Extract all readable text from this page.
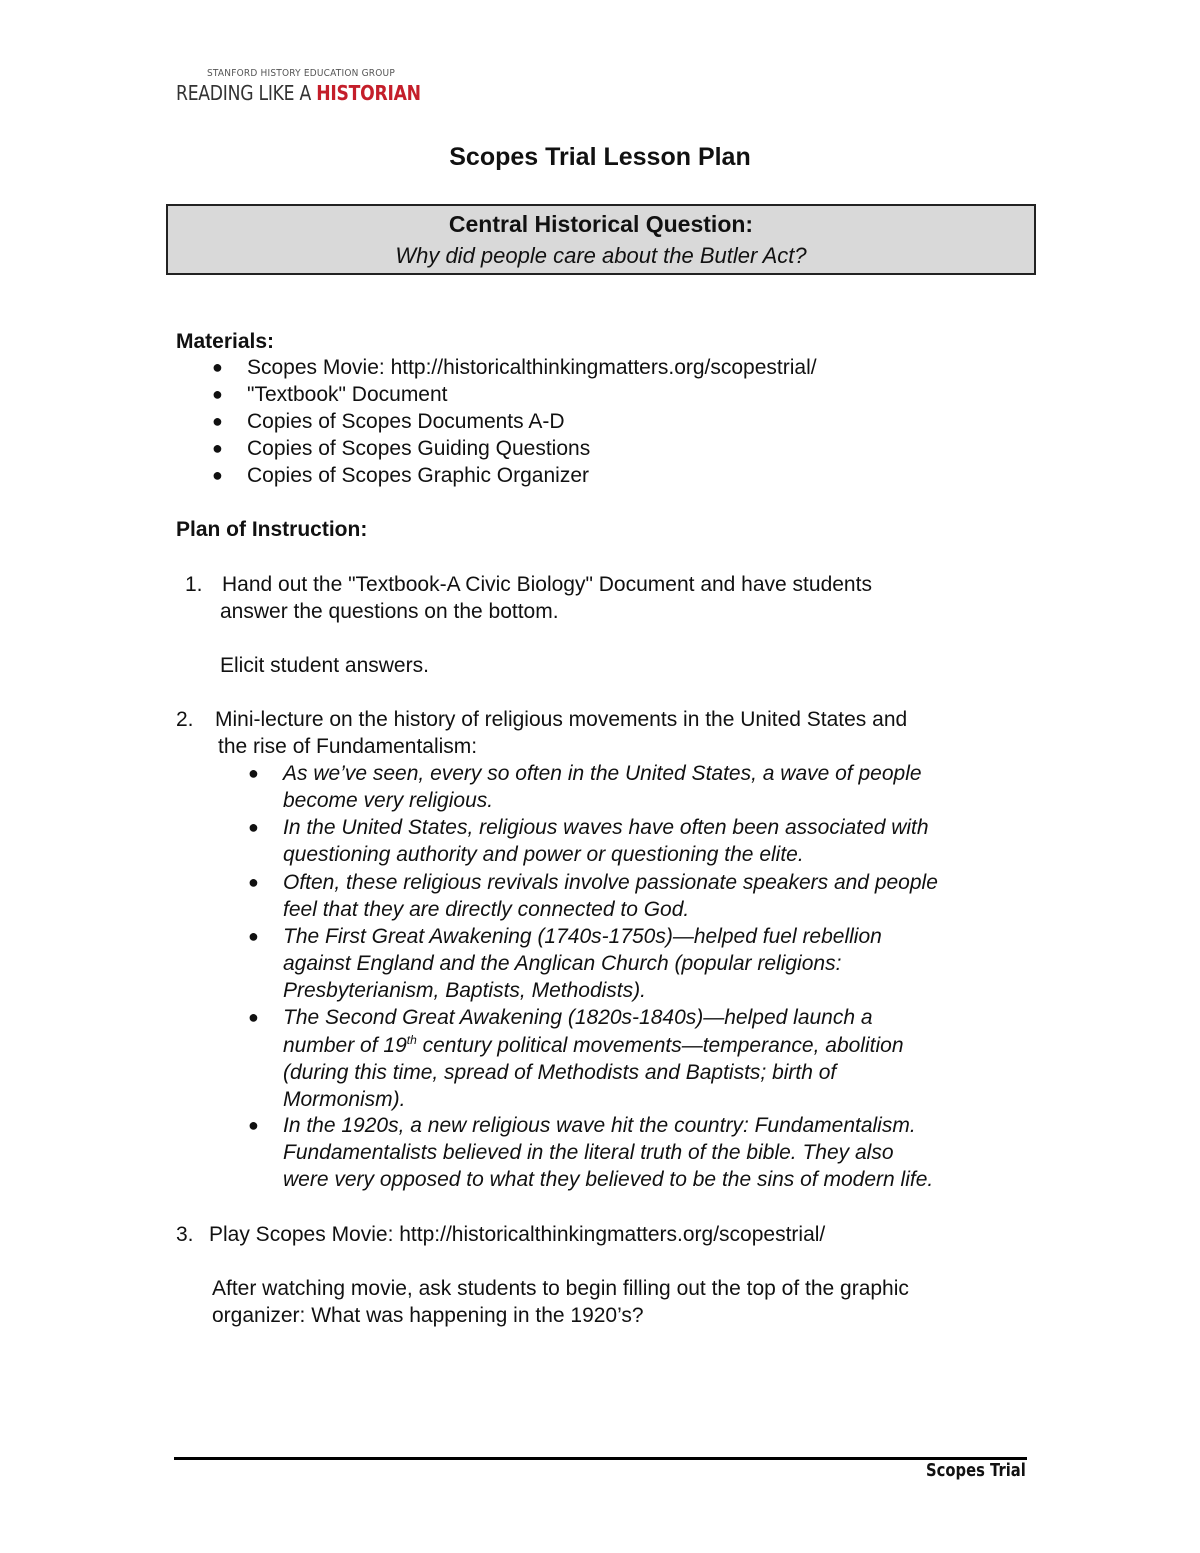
STANFORD HISTORY EDUCATION GROUP
READING LIKE A HISTORIAN
Scopes Trial Lesson Plan
Central Historical Question:
Why did people care about the Butler Act?
Materials:
● Scopes Movie: http://historicalthinkingmatters.org/scopestrial/
● "Textbook" Document
● Copies of Scopes Documents A-D
● Copies of Scopes Guiding Questions
● Copies of Scopes Graphic Organizer
Plan of Instruction:
1. Hand out the "Textbook-A Civic Biology" Document and have students
answer the questions on the bottom.
Elicit student answers.
2. Mini-lecture on the history of religious movements in the United States and
the rise of Fundamentalism:
● As we’ve seen, every so often in the United States, a wave of people
become very religious.
● In the United States, religious waves have often been associated with
questioning authority and power or questioning the elite.
● Often, these religious revivals involve passionate speakers and people
feel that they are directly connected to God.
● The First Great Awakening (1740s-1750s)—helped fuel rebellion
against England and the Anglican Church (popular religions:
Presbyterianism, Baptists, Methodists).
● The Second Great Awakening (1820s-1840s)—helped launch a
number of 19th century political movements—temperance, abolition
(during this time, spread of Methodists and Baptists; birth of
Mormonism).
● In the 1920s, a new religious wave hit the country: Fundamentalism.
Fundamentalists believed in the literal truth of the bible. They also
were very opposed to what they believed to be the sins of modern life.
3. Play Scopes Movie: http://historicalthinkingmatters.org/scopestrial/
After watching movie, ask students to begin filling out the top of the graphic
organizer: What was happening in the 1920’s?
Scopes Trial
